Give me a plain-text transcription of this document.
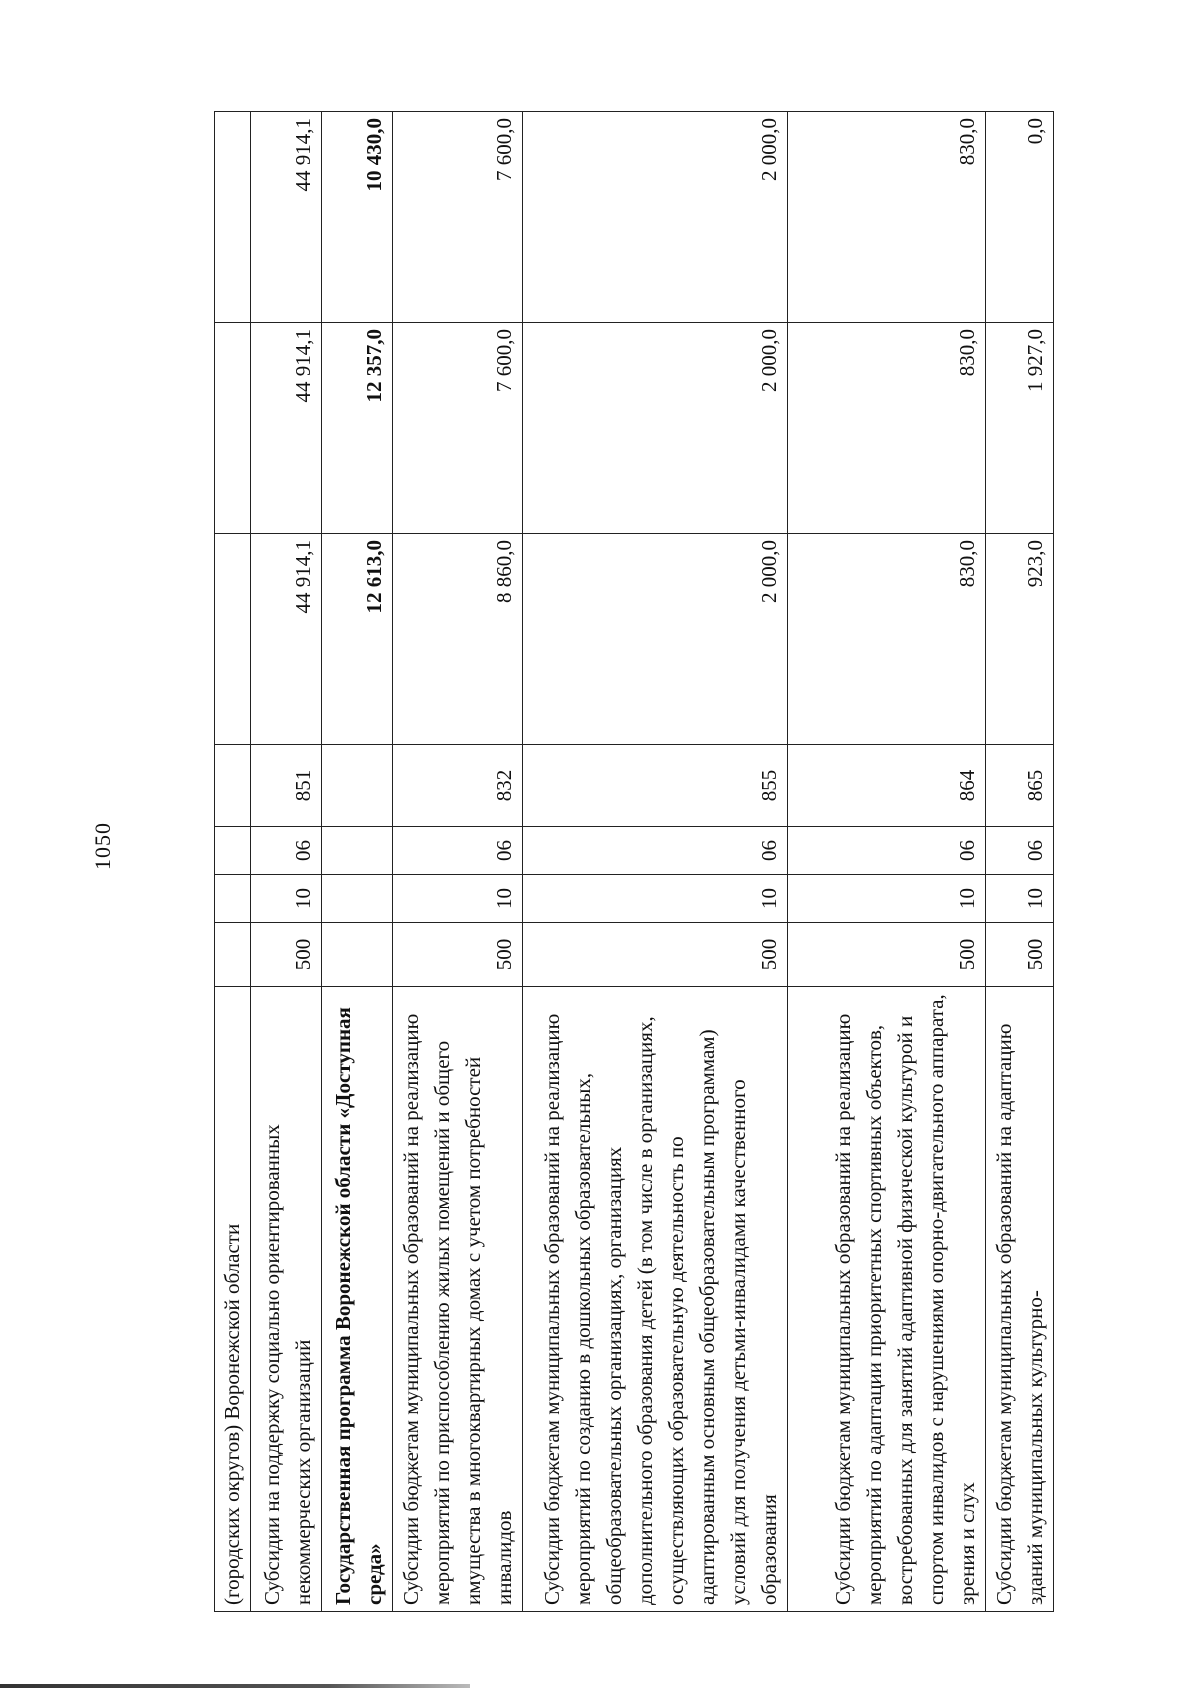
1050
(городских округов) Воронежской области							
Субсидии на поддержку социально ориентированных некоммерческих организаций	500	10	06	851	44 914,1	44 914,1	44 914,1
Государственная программа Воронежской области «Доступная среда»					12 613,0	12 357,0	10 430,0
Субсидии бюджетам муниципальных образований на реализацию мероприятий по приспособлению жилых помещений и общего имущества в многоквартирных домах с учетом потребностей инвалидов	500	10	06	832	8 860,0	7 600,0	7 600,0
Субсидии бюджетам муниципальных образований на реализацию мероприятий по созданию в дошкольных образовательных, общеобразовательных организациях, организациях дополнительного образования детей (в том числе в организациях, осуществляющих образовательную деятельность по адаптированным основным общеобразовательным программам) условий для получения детьми-инвалидами качественного образования	500	10	06	855	2 000,0	2 000,0	2 000,0
Субсидии бюджетам муниципальных образований на реализацию мероприятий по адаптации приоритетных спортивных объектов, востребованных для занятий адаптивной физической культурой и спортом инвалидов с нарушениями опорно-двигательного аппарата, зрения и слух	500	10	06	864	830,0	830,0	830,0
Субсидии бюджетам муниципальных образований на адаптацию зданий муниципальных культурно-	500	10	06	865	923,0	1 927,0	0,0
